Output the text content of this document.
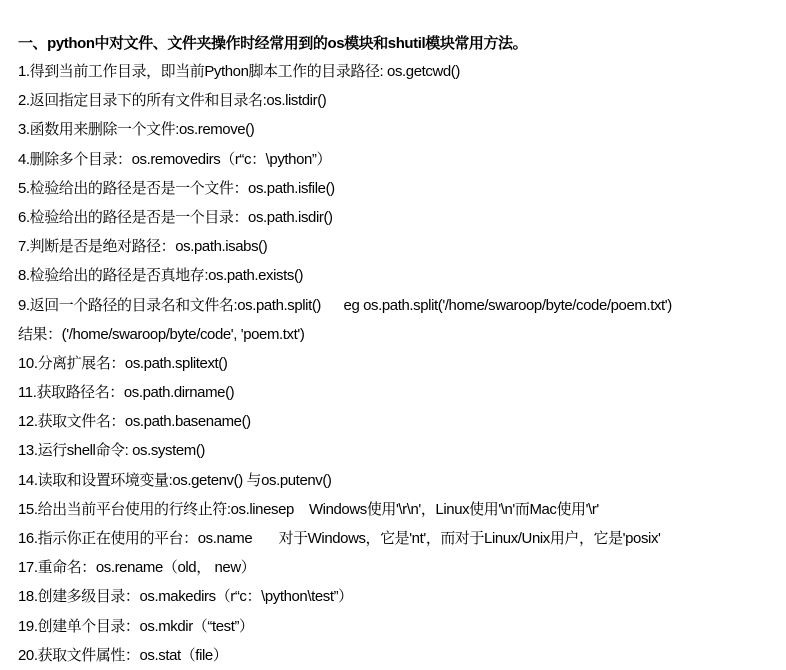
一、python中对文件、文件夹操作时经常用到的os模块和shutil模块常用方法。
1.得到当前工作目录，即当前Python脚本工作的目录路径: os.getcwd()
2.返回指定目录下的所有文件和目录名:os.listdir()
3.函数用来删除一个文件:os.remove()
4.删除多个目录：os.removedirs（r“c：\python”）
5.检验给出的路径是否是一个文件：os.path.isfile()
6.检验给出的路径是否是一个目录：os.path.isdir()
7.判断是否是绝对路径：os.path.isabs()
8.检验给出的路径是否真地存:os.path.exists()
9.返回一个路径的目录名和文件名:os.path.split()      eg os.path.split('/home/swaroop/byte/code/poem.txt')
结果：('/home/swaroop/byte/code', 'poem.txt')
10.分离扩展名：os.path.splitext()
11.获取路径名：os.path.dirname()
12.获取文件名：os.path.basename()
13.运行shell命令: os.system()
14.读取和设置环境变量:os.getenv() 与os.putenv()
15.给出当前平台使用的行终止符:os.linesep    Windows使用'\r\n'，Linux使用'\n'而Mac使用'\r'
16.指示你正在使用的平台：os.name       对于Windows，它是'nt'，而对于Linux/Unix用户，它是'posix'
17.重命名：os.rename（old， new）
18.创建多级目录：os.makedirs（r“c：\python\test”）
19.创建单个目录：os.mkdir（“test”）
20.获取文件属性：os.stat（file）
